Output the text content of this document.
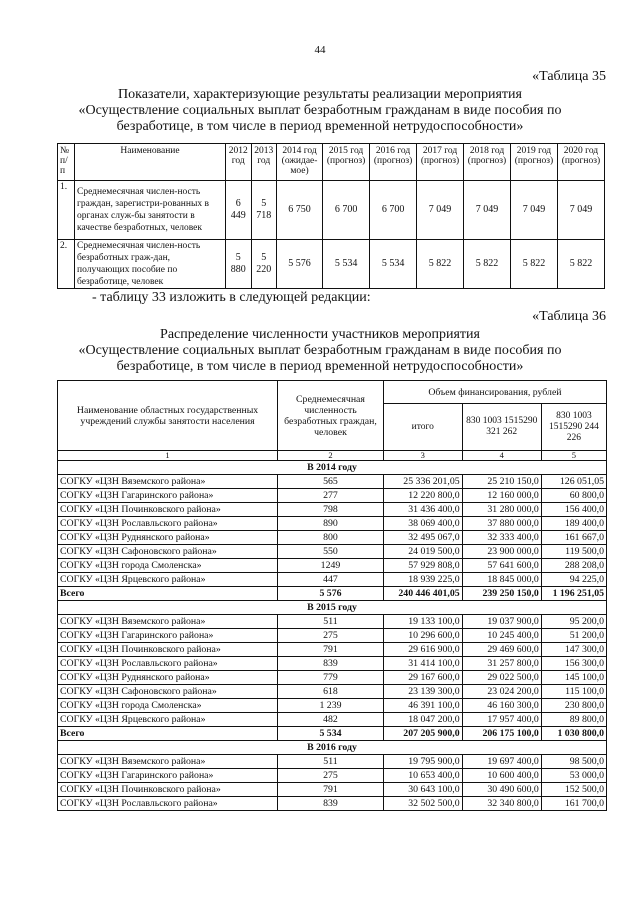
44
«Таблица 35
Показатели, характеризующие результаты реализации мероприятия
«Осуществление социальных выплат безработным гражданам в виде пособия по
безработице, в том числе в период временной нетрудоспособности»
№ п/п	Наименование	2012 год	2013 год	2014 год (ожидае-мое)	2015 год (прогноз)	2016 год (прогноз)	2017 год (прогноз)	2018 год (прогноз)	2019 год (прогноз)	2020 год (прогноз)
1.	Среднемесячная числен-ность граждан, зарегистри-рованных в органах служ-бы занятости в качестве безработных, человек	6 449	5 718	6 750	6 700	6 700	7 049	7 049	7 049	7 049
2.	Среднемесячная числен-ность безработных граж-дан, получающих пособие по безработице, человек	5 880	5 220	5 576	5 534	5 534	5 822	5 822	5 822	5 822
- таблицу 33 изложить в следующей редакции:
«Таблица 36
Распределение численности участников мероприятия
«Осуществление социальных выплат безработным гражданам в виде пособия по
безработице, в том числе в период временной нетрудоспособности»
Наименование областных государственных учреждений службы занятости населения	Среднемесячная численность безработных граждан, человек	Объем финансирования, рублей		
		итого	830 1003 1515290 321 262	830 1003 1515290 244 226
1	2	3	4	5
В 2014 году				
СОГКУ «ЦЗН Вяземского района»	565	25 336 201,05	25 210 150,0	126 051,05
СОГКУ «ЦЗН Гагаринского района»	277	12 220 800,0	12 160 000,0	60 800,0
СОГКУ «ЦЗН Починковского района»	798	31 436 400,0	31 280 000,0	156 400,0
СОГКУ «ЦЗН Рославльского района»	890	38 069 400,0	37 880 000,0	189 400,0
СОГКУ «ЦЗН Руднянского района»	800	32 495 067,0	32 333 400,0	161 667,0
СОГКУ «ЦЗН Сафоновского района»	550	24 019 500,0	23 900 000,0	119 500,0
СОГКУ «ЦЗН города Смоленска»	1249	57 929 808,0	57 641 600,0	288 208,0
СОГКУ «ЦЗН Ярцевского района»	447	18 939 225,0	18 845 000,0	94 225,0
Всего	5 576	240 446 401,05	239 250 150,0	1 196 251,05
В 2015 году				
СОГКУ «ЦЗН Вяземского района»	511	19 133 100,0	19 037 900,0	95 200,0
СОГКУ «ЦЗН Гагаринского района»	275	10 296 600,0	10 245 400,0	51 200,0
СОГКУ «ЦЗН Починковского района»	791	29 616 900,0	29 469 600,0	147 300,0
СОГКУ «ЦЗН Рославльского района»	839	31 414 100,0	31 257 800,0	156 300,0
СОГКУ «ЦЗН Руднянского района»	779	29 167 600,0	29 022 500,0	145 100,0
СОГКУ «ЦЗН Сафоновского района»	618	23 139 300,0	23 024 200,0	115 100,0
СОГКУ «ЦЗН города Смоленска»	1 239	46 391 100,0	46 160 300,0	230 800,0
СОГКУ «ЦЗН Ярцевского района»	482	18 047 200,0	17 957 400,0	89 800,0
Всего	5 534	207 205 900,0	206 175 100,0	1 030 800,0
В 2016 году				
СОГКУ «ЦЗН Вяземского района»	511	19 795 900,0	19 697 400,0	98 500,0
СОГКУ «ЦЗН Гагаринского района»	275	10 653 400,0	10 600 400,0	53 000,0
СОГКУ «ЦЗН Починковского района»	791	30 643 100,0	30 490 600,0	152 500,0
СОГКУ «ЦЗН Рославльского района»	839	32 502 500,0	32 340 800,0	161 700,0
